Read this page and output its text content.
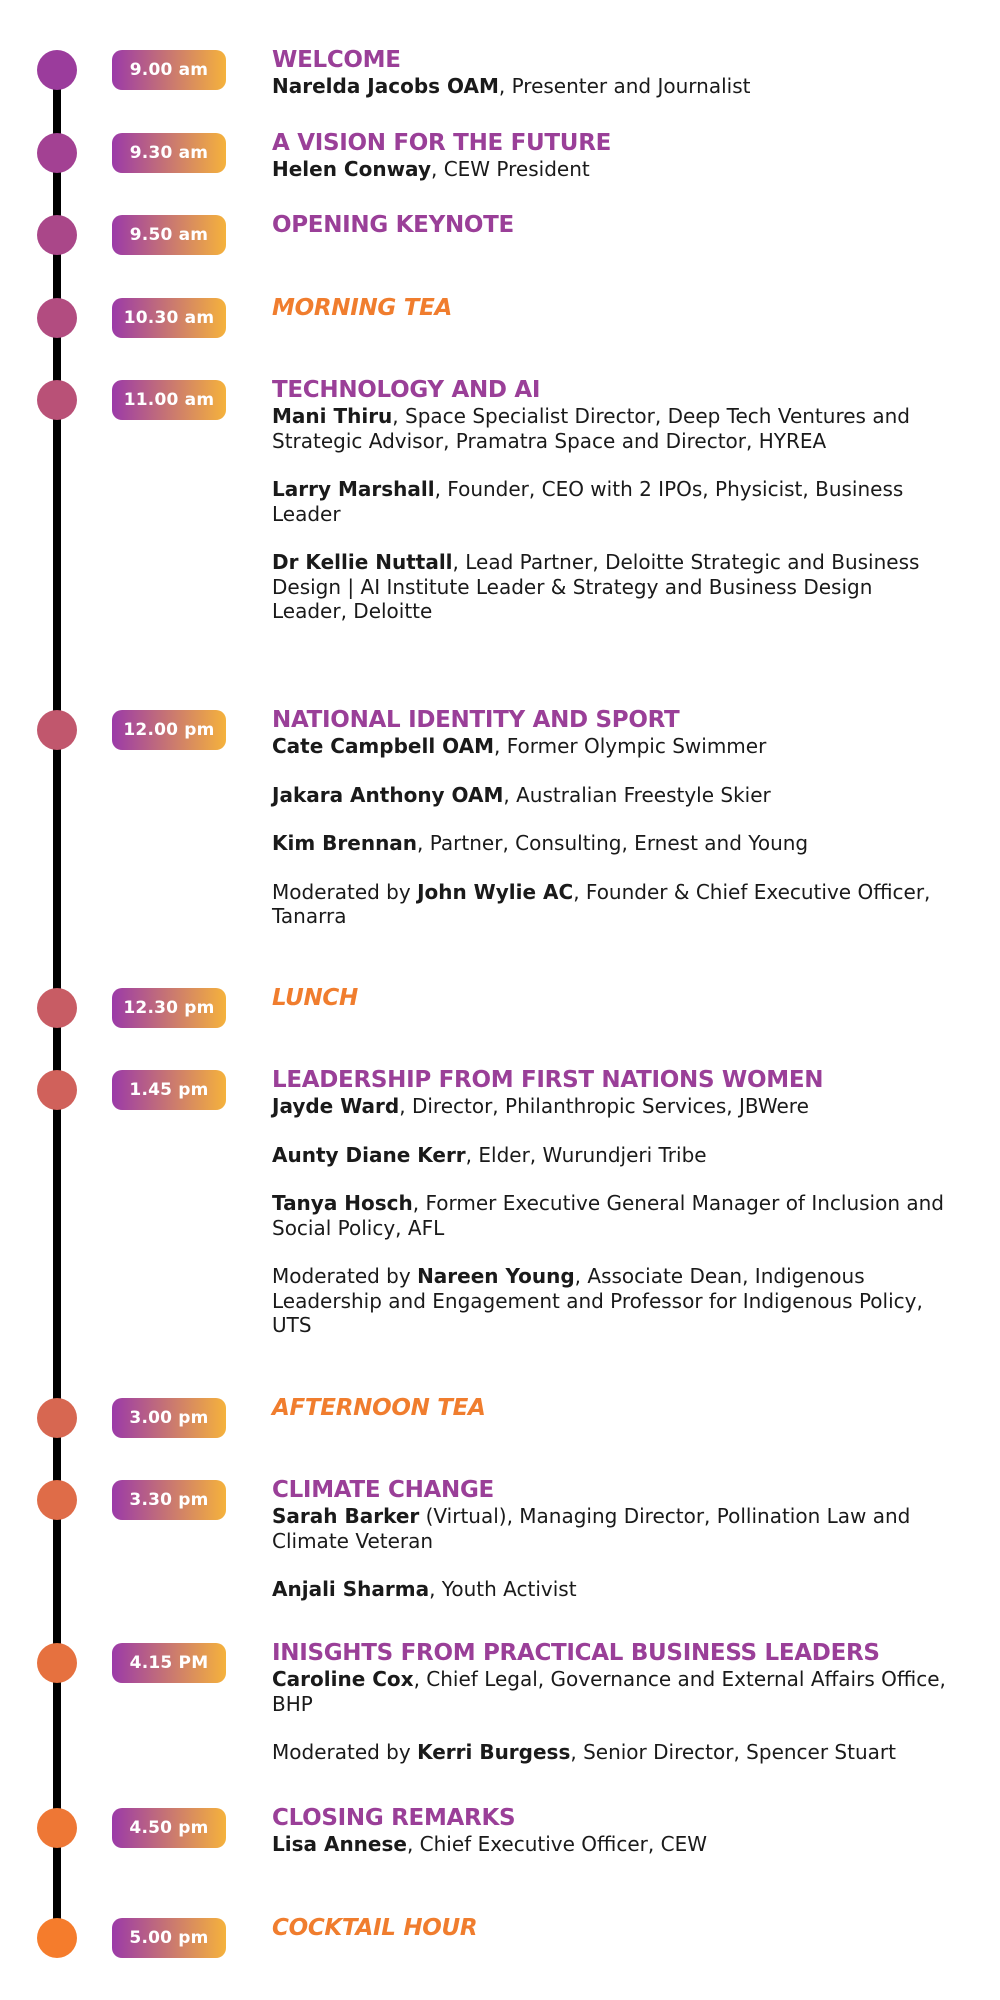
9.00 am	WELCOME
Narelda Jacobs OAM, Presenter and Journalist
9.30 am	A VISION FOR THE FUTURE
Helen Conway, CEW President
9.50 am	OPENING KEYNOTE
10.30 am	MORNING TEA
11.00 am	TECHNOLOGY AND AI
Mani Thiru, Space Specialist Director, Deep Tech Ventures and Strategic Advisor, Pramatra Space and Director, HYREA
Larry Marshall, Founder, CEO with 2 IPOs, Physicist, Business Leader
Dr Kellie Nuttall, Lead Partner, Deloitte Strategic and Business Design | AI Institute Leader & Strategy and Business Design Leader, Deloitte
12.00 pm	NATIONAL IDENTITY AND SPORT
Cate Campbell OAM, Former Olympic Swimmer
Jakara Anthony OAM, Australian Freestyle Skier
Kim Brennan, Partner, Consulting, Ernest and Young
Moderated by John Wylie AC, Founder & Chief Executive Officer, Tanarra
12.30 pm	LUNCH
1.45 pm	LEADERSHIP FROM FIRST NATIONS WOMEN
Jayde Ward, Director, Philanthropic Services, JBWere
Aunty Diane Kerr, Elder, Wurundjeri Tribe
Tanya Hosch, Former Executive General Manager of Inclusion and Social Policy, AFL
Moderated by Nareen Young, Associate Dean, Indigenous Leadership and Engagement and Professor for Indigenous Policy, UTS
3.00 pm	AFTERNOON TEA
3.30 pm	CLIMATE CHANGE
Sarah Barker (Virtual), Managing Director, Pollination Law and Climate Veteran
Anjali Sharma, Youth Activist
4.15 PM	INISGHTS FROM PRACTICAL BUSINESS LEADERS
Caroline Cox, Chief Legal, Governance and External Affairs Office, BHP
Moderated by Kerri Burgess, Senior Director, Spencer Stuart
4.50 pm	CLOSING REMARKS
Lisa Annese, Chief Executive Officer, CEW
5.00 pm	COCKTAIL HOUR
